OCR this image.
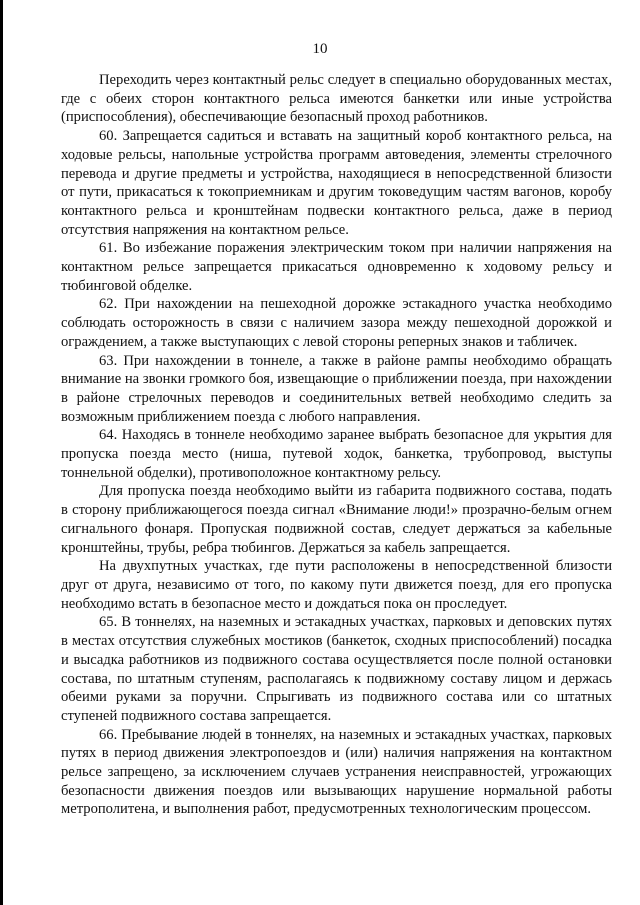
10

Переходить через контактный рельс следует в специально оборудованных местах, где с обеих сторон контактного рельса имеются банкетки или иные устройства (приспособления), обеспечивающие безопасный проход работников.

60. Запрещается садиться и вставать на защитный короб контактного рельса, на ходовые рельсы, напольные устройства программ автоведения, элементы стрелочного перевода и другие предметы и устройства, находящиеся в непосредственной близости от пути, прикасаться к токоприемникам и другим токоведущим частям вагонов, коробу контактного рельса и кронштейнам подвески контактного рельса, даже в период отсутствия напряжения на контактном рельсе.

61. Во избежание поражения электрическим током при наличии напряжения на контактном рельсе запрещается прикасаться одновременно к ходовому рельсу и тюбинговой обделке.

62. При нахождении на пешеходной дорожке эстакадного участка необходимо соблюдать осторожность в связи с наличием зазора между пешеходной дорожкой и ограждением, а также выступающих с левой стороны реперных знаков и табличек.

63. При нахождении в тоннеле, а также в районе рампы необходимо обращать внимание на звонки громкого боя, извещающие о приближении поезда, при нахождении в районе стрелочных переводов и соединительных ветвей необходимо следить за возможным приближением поезда с любого направления.

64. Находясь в тоннеле необходимо заранее выбрать безопасное для укрытия для пропуска поезда место (ниша, путевой ходок, банкетка, трубопровод, выступы тоннельной обделки), противоположное контактному рельсу.

Для пропуска поезда необходимо выйти из габарита подвижного состава, подать в сторону приближающегося поезда сигнал «Внимание люди!» прозрачно-белым огнем сигнального фонаря. Пропуская подвижной состав, следует держаться за кабельные кронштейны, трубы, ребра тюбингов. Держаться за кабель запрещается.

На двухпутных участках, где пути расположены в непосредственной близости друг от друга, независимо от того, по какому пути движется поезд, для его пропуска необходимо встать в безопасное место и дождаться пока он проследует.

65. В тоннелях, на наземных и эстакадных участках, парковых и деповских путях в местах отсутствия служебных мостиков (банкеток, сходных приспособлений) посадка и высадка работников из подвижного состава осуществляется после полной остановки состава, по штатным ступеням, располагаясь к подвижному составу лицом и держась обеими руками за поручни. Спрыгивать из подвижного состава или со штатных ступеней подвижного состава запрещается.

66. Пребывание людей в тоннелях, на наземных и эстакадных участках, парковых путях в период движения электропоездов и (или) наличия напряжения на контактном рельсе запрещено, за исключением случаев устранения неисправностей, угрожающих безопасности движения поездов или вызывающих нарушение нормальной работы метрополитена, и выполнения работ, предусмотренных технологическим процессом.
